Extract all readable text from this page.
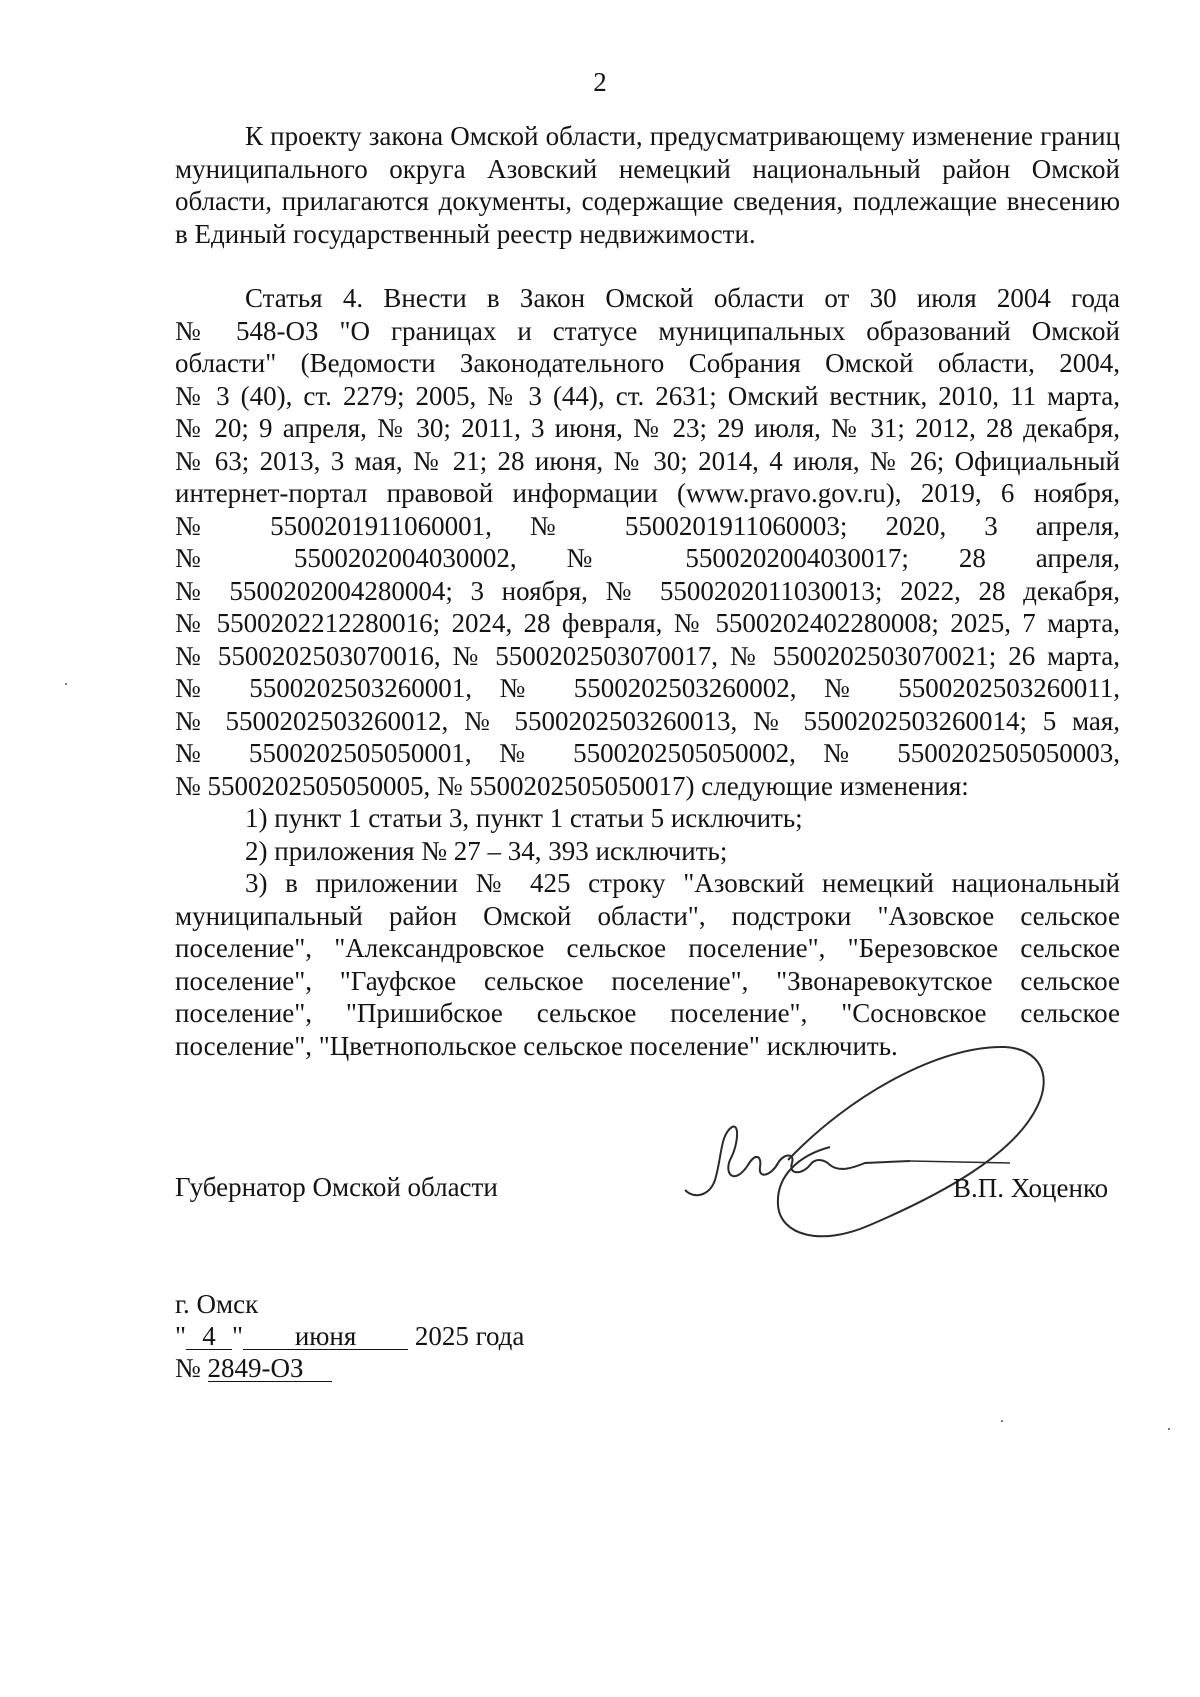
2

К проекту закона Омской области, предусматривающему изменение границ муниципального округа Азовский немецкий национальный район Омской области, прилагаются документы, содержащие сведения, подлежащие внесению в Единый государственный реестр недвижимости.

Статья 4. Внести в Закон Омской области от 30 июля 2004 года
№ 548-ОЗ "О границах и статусе муниципальных образований Омской
области" (Ведомости Законодательного Собрания Омской области, 2004,
№ 3 (40), ст. 2279; 2005, № 3 (44), ст. 2631; Омский вестник, 2010, 11 марта,
№ 20; 9 апреля, № 30; 2011, 3 июня, № 23; 29 июля, № 31; 2012, 28 декабря,
№ 63; 2013, 3 мая, № 21; 28 июня, № 30; 2014, 4 июля, № 26; Официальный
интернет-портал правовой информации (www.pravo.gov.ru), 2019, 6 ноября,
№ 5500201911060001, № 5500201911060003; 2020, 3 апреля,
№ 5500202004030002, № 5500202004030017; 28 апреля,
№ 5500202004280004; 3 ноября, № 5500202011030013; 2022, 28 декабря,
№ 5500202212280016; 2024, 28 февраля, № 5500202402280008; 2025, 7 марта,
№ 5500202503070016, № 5500202503070017, № 5500202503070021; 26 марта,
№ 5500202503260001, № 5500202503260002, № 5500202503260011,
№ 5500202503260012, № 5500202503260013, № 5500202503260014; 5 мая,
№ 5500202505050001, № 5500202505050002, № 5500202505050003,
№ 5500202505050005, № 5500202505050017) следующие изменения:

1) пункт 1 статьи 3, пункт 1 статьи 5 исключить;

2) приложения № 27 – 34, 393 исключить;

3) в приложении № 425 строку "Азовский немецкий национальный муниципальный район Омской области", подстроки "Азовское сельское поселение", "Александровское сельское поселение", "Березовское сельское поселение", "Гауфское сельское поселение", "Звонаревокутское сельское поселение", "Пришибское сельское поселение", "Сосновское сельское поселение", "Цветнопольское сельское поселение" исключить.

Губернатор Омской области	В.П. Хоценко
г. Омск
" 4 " июня 2025 года
№ 2849-ОЗ
